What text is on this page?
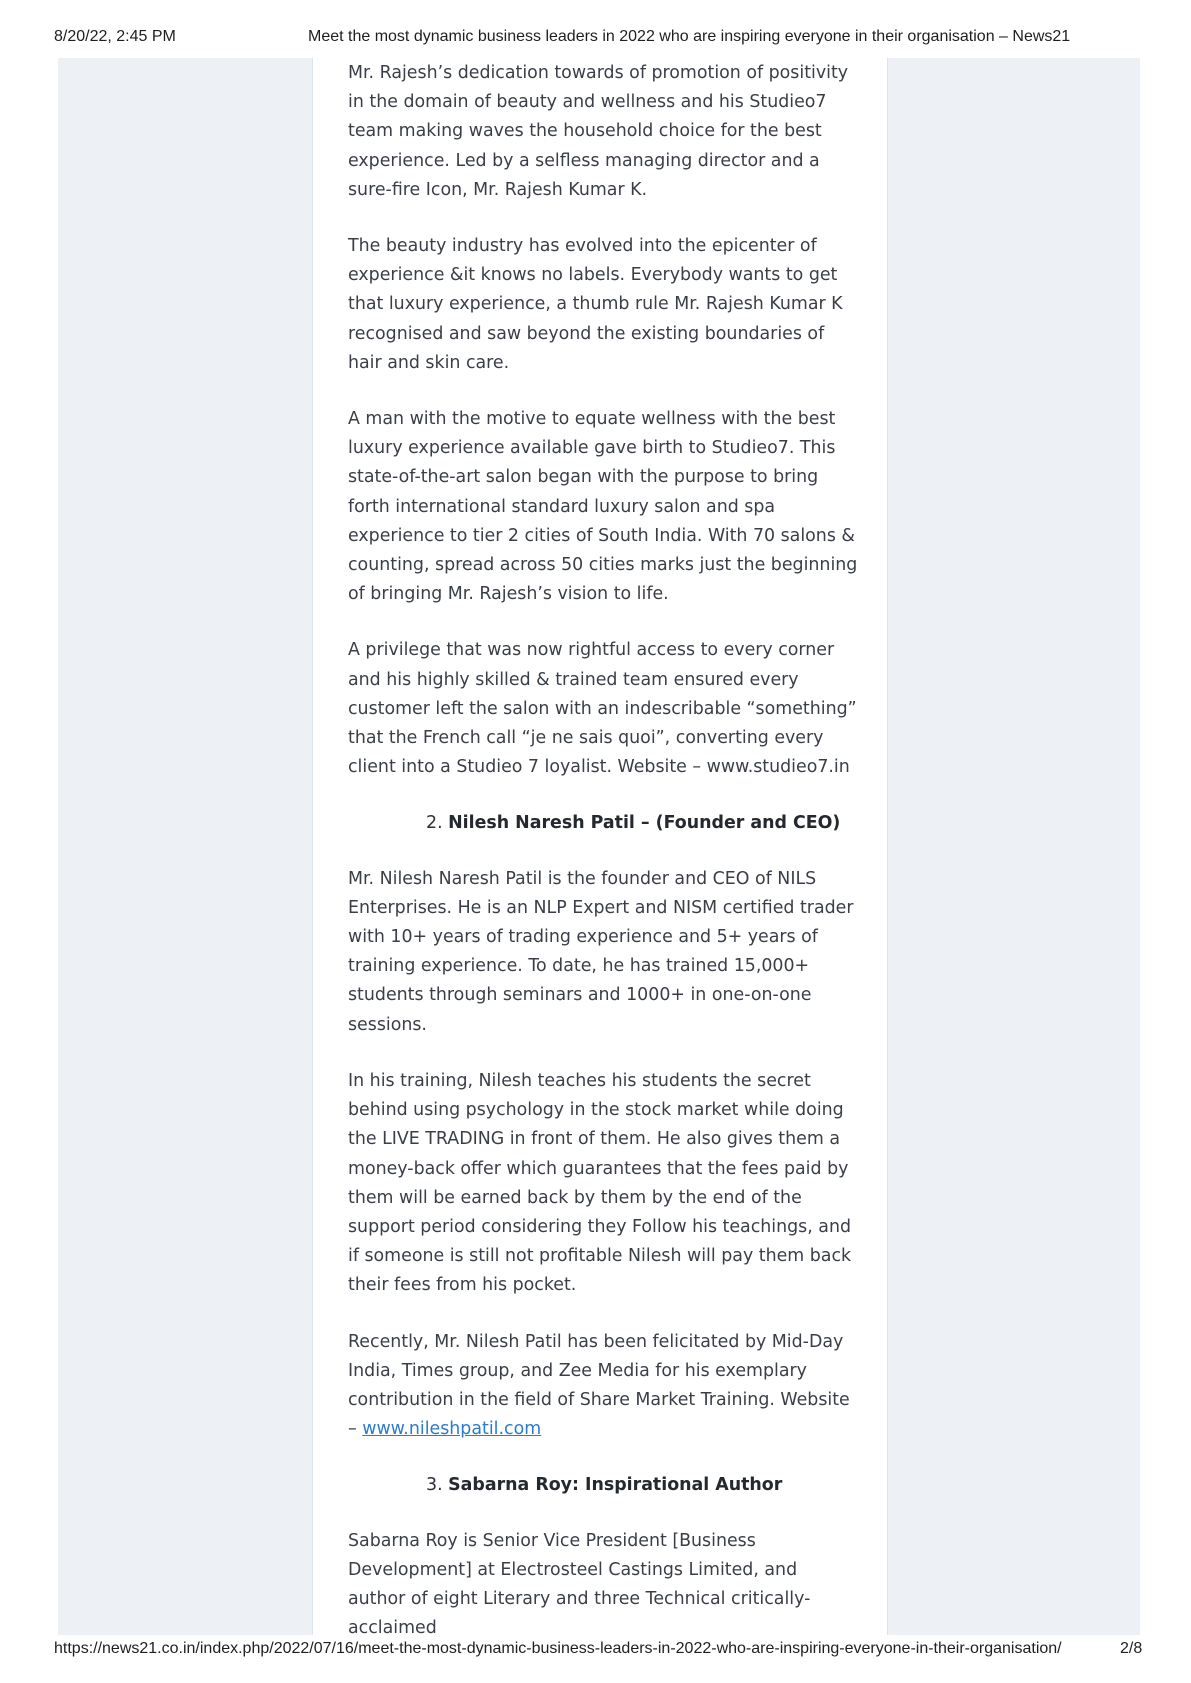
8/20/22, 2:45 PM	Meet the most dynamic business leaders in 2022 who are inspiring everyone in their organisation – News21

Mr. Rajesh’s dedication towards of promotion of positivity in the domain of beauty and wellness and his Studieo7 team making waves the household choice for the best experience. Led by a selfless managing director and a sure-fire Icon, Mr. Rajesh Kumar K.

The beauty industry has evolved into the epicenter of experience &it knows no labels. Everybody wants to get that luxury experience, a thumb rule Mr. Rajesh Kumar K recognised and saw beyond the existing boundaries of hair and skin care.

A man with the motive to equate wellness with the best luxury experience available gave birth to Studieo7. This state-of-the-art salon began with the purpose to bring forth international standard luxury salon and spa experience to tier 2 cities of South India. With 70 salons & counting, spread across 50 cities marks just the beginning of bringing Mr. Rajesh’s vision to life.

A privilege that was now rightful access to every corner and his highly skilled & trained team ensured every customer left the salon with an indescribable “something” that the French call “je ne sais quoi”, converting every client into a Studieo 7 loyalist. Website – www.studieo7.in

2. Nilesh Naresh Patil – (Founder and CEO)

Mr. Nilesh Naresh Patil is the founder and CEO of NILS Enterprises. He is an NLP Expert and NISM certified trader with 10+ years of trading experience and 5+ years of training experience. To date, he has trained 15,000+ students through seminars and 1000+ in one-on-one sessions.

In his training, Nilesh teaches his students the secret behind using psychology in the stock market while doing the LIVE TRADING in front of them. He also gives them a money-back offer which guarantees that the fees paid by them will be earned back by them by the end of the support period considering they Follow his teachings, and if someone is still not profitable Nilesh will pay them back their fees from his pocket.

Recently, Mr. Nilesh Patil has been felicitated by Mid-Day India, Times group, and Zee Media for his exemplary contribution in the field of Share Market Training. Website – www.nileshpatil.com

3. Sabarna Roy: Inspirational Author

Sabarna Roy is Senior Vice President [Business Development] at Electrosteel Castings Limited, and author of eight Literary and three Technical critically-acclaimed

https://news21.co.in/index.php/2022/07/16/meet-the-most-dynamic-business-leaders-in-2022-who-are-inspiring-everyone-in-their-organisation/	2/8
